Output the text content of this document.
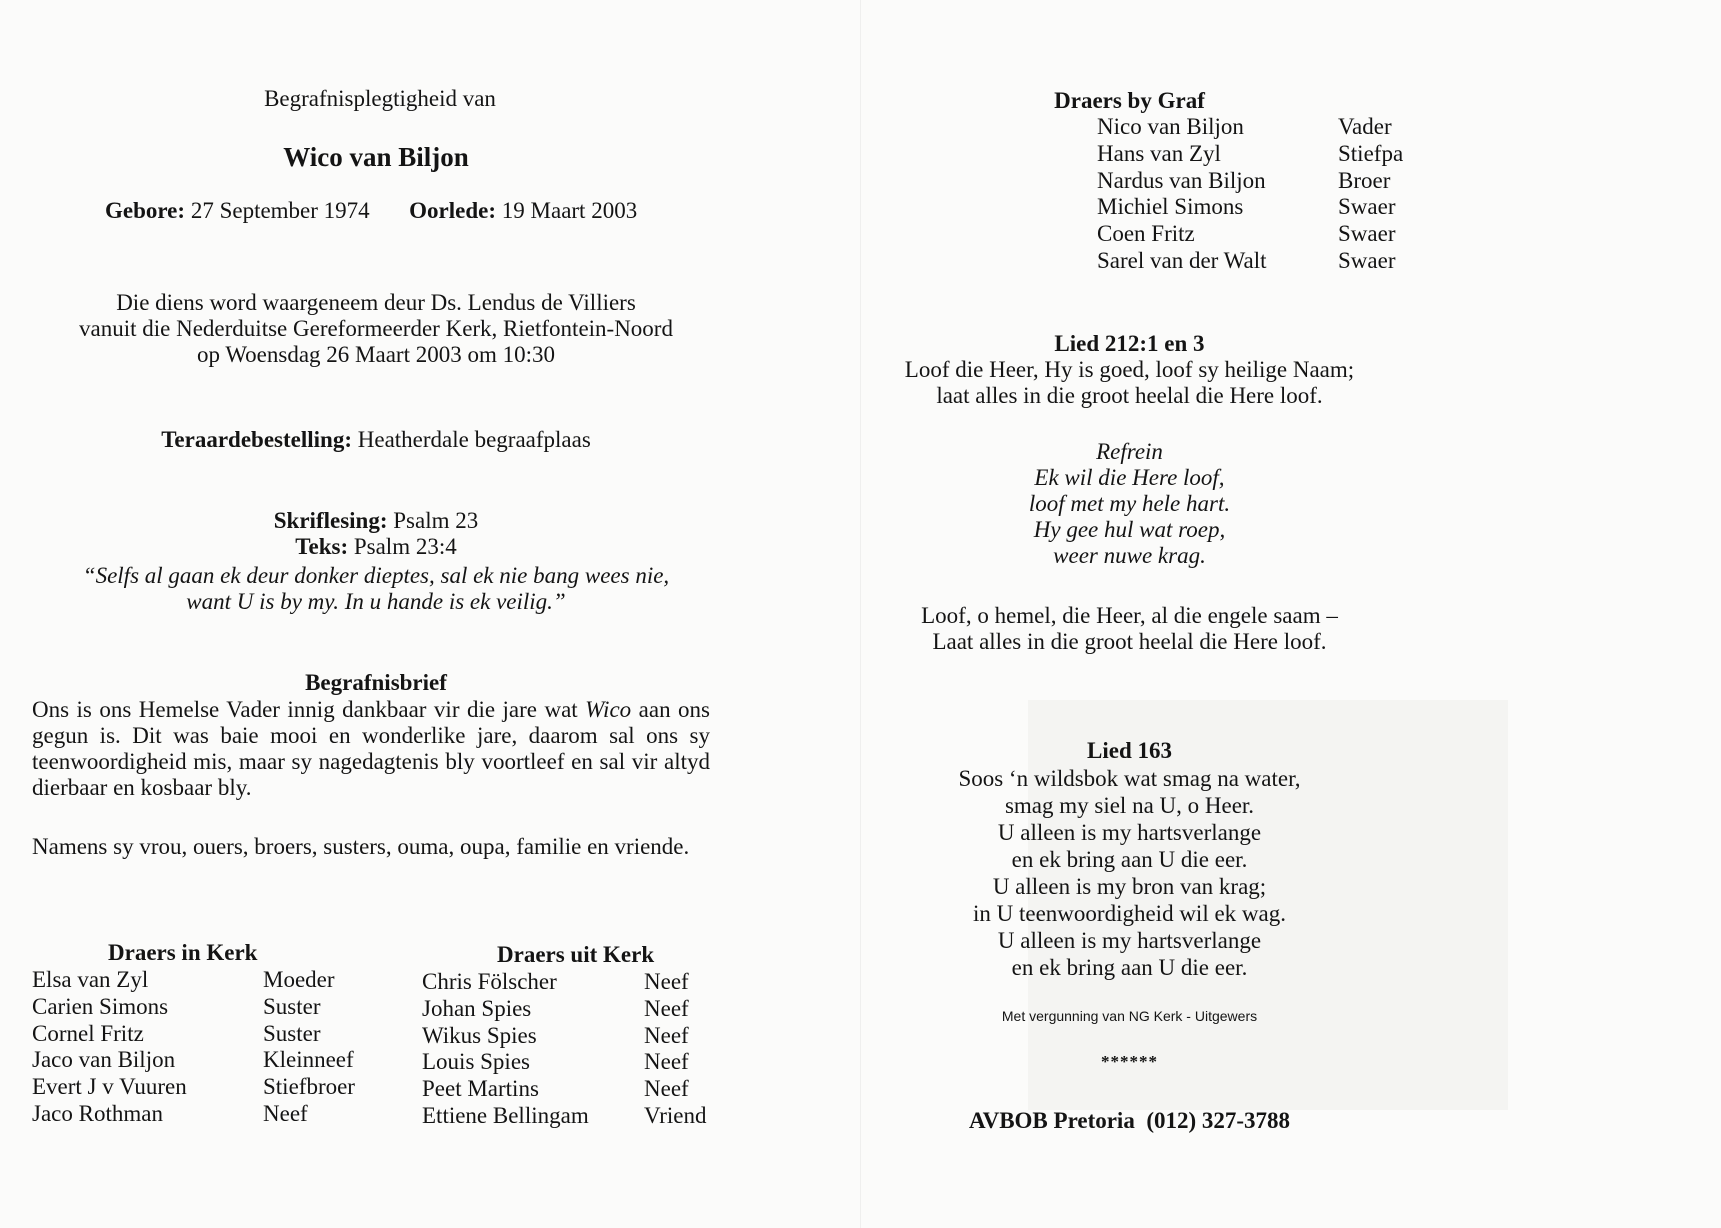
Begrafnisplegtigheid van
Wico van Biljon
Gebore: 27 September 1974 Oorlede: 19 Maart 2003
Die diens word waargeneem deur Ds. Lendus de Villiers
vanuit die Nederduitse Gereformeerder Kerk, Rietfontein-Noord
op Woensdag 26 Maart 2003 om 10:30
Teraardebestelling: Heatherdale begraafplaas
Skriflesing: Psalm 23
Teks: Psalm 23:4
“Selfs al gaan ek deur donker dieptes, sal ek nie bang wees nie,
want U is by my. In u hande is ek veilig.”
Begrafnisbrief
Ons is ons Hemelse Vader innig dankbaar vir die jare wat Wico aan ons gegun is. Dit was baie mooi en wonderlike jare, daarom sal ons sy teenwoordigheid mis, maar sy nagedagtenis bly voortleef en sal vir altyd dierbaar en kosbaar bly.
Namens sy vrou, ouers, broers, susters, ouma, oupa, familie en vriende.
Draers in Kerk
Elsa van Zyl	Moeder
Carien Simons	Suster
Cornel Fritz	Suster
Jaco van Biljon	Kleinneef
Evert J v Vuuren	Stiefbroer
Jaco Rothman	Neef
Draers uit Kerk
Chris Fölscher	Neef
Johan Spies	Neef
Wikus Spies	Neef
Louis Spies	Neef
Peet Martins	Neef
Ettiene Bellingam Vriend
Draers by Graf
Nico van Biljon	Vader
Hans van Zyl	Stiefpa
Nardus van Biljon	Broer
Michiel Simons	Swaer
Coen Fritz	Swaer
Sarel van der Walt	Swaer
Lied 212:1 en 3
Loof die Heer, Hy is goed, loof sy heilige Naam;
laat alles in die groot heelal die Here loof.
Refrein
Ek wil die Here loof,
loof met my hele hart.
Hy gee hul wat roep,
weer nuwe krag.
Loof, o hemel, die Heer, al die engele saam –
Laat alles in die groot heelal die Here loof.
Lied 163
Soos ‘n wildsbok wat smag na water,
smag my siel na U, o Heer.
U alleen is my hartsverlange
en ek bring aan U die eer.
U alleen is my bron van krag;
in U teenwoordigheid wil ek wag.
U alleen is my hartsverlange
en ek bring aan U die eer.
Met vergunning van NG Kerk - Uitgewers
******
AVBOB Pretoria  (012) 327-3788
